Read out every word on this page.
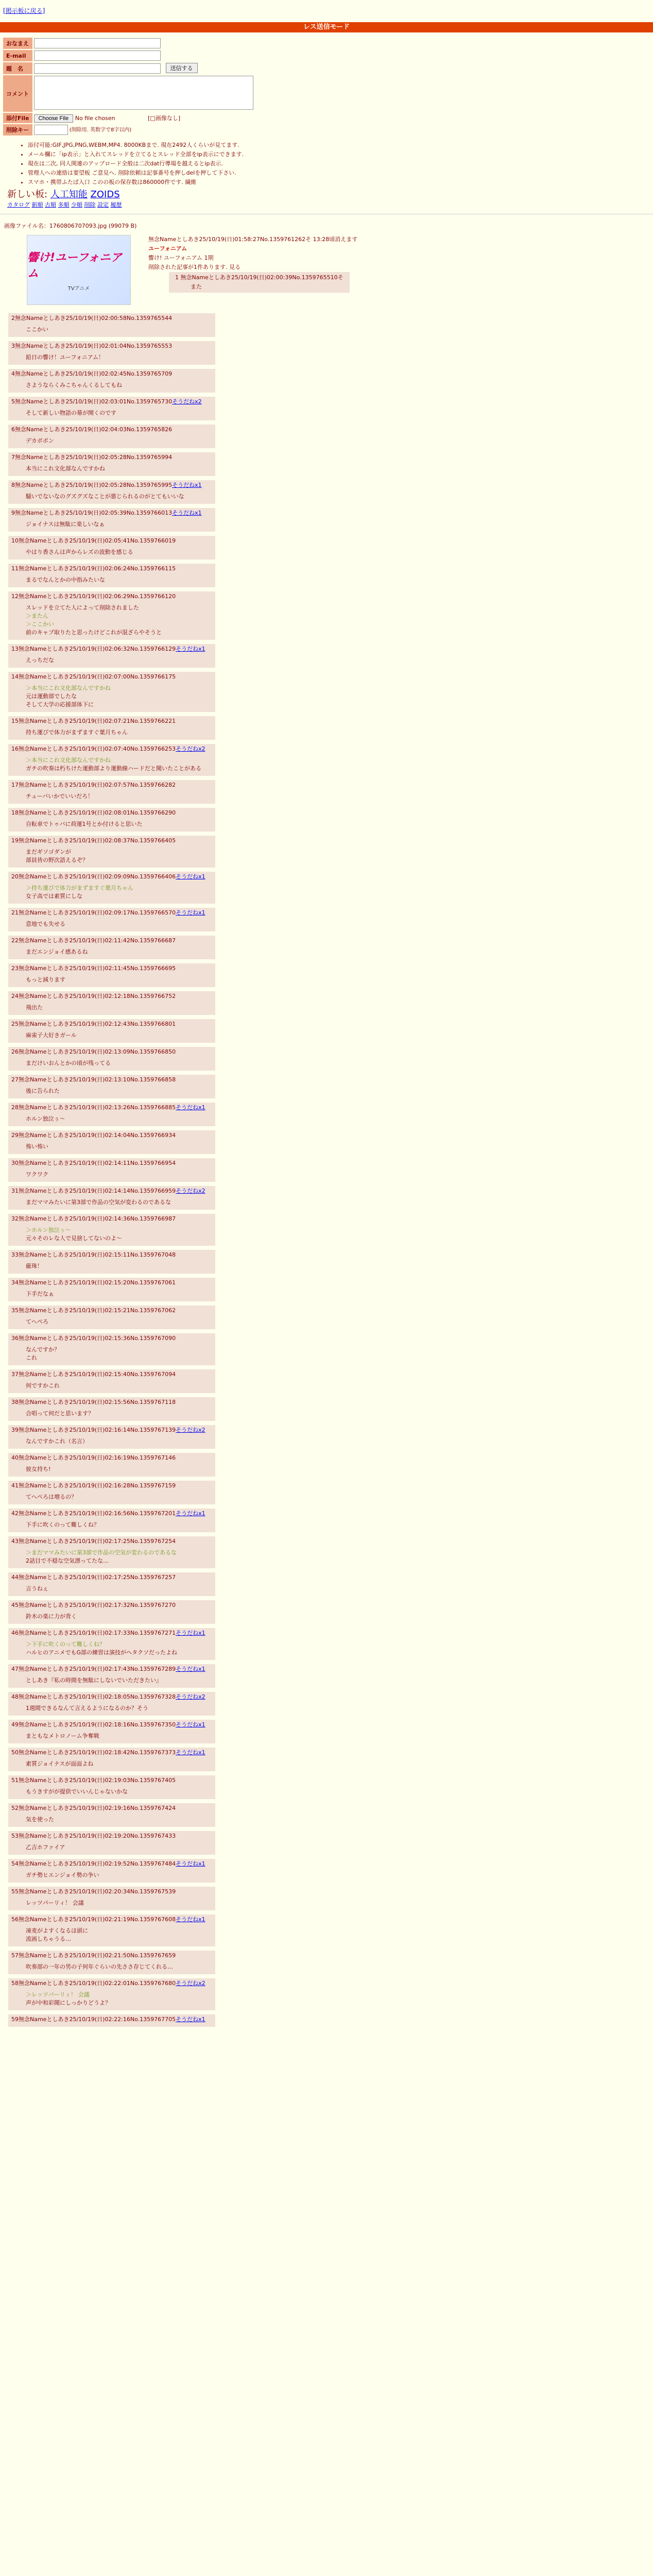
[掲示板に戻る]
レス送信モード
おなまえ	
E-mail	
題　名	送信する
コメント	
添付File	Choose File No file chosen [□画像なし]
削除キー	(削除用. 英数字で8字以内)
• 添付可能:GIF,JPG,PNG,WEBM,MP4. 8000KBまで. 現在2492人くらいが見てます.
• メール欄に「ip表示」と入れてスレッドを立てるとスレッド全部をip表示にできます.
• 現在は二次, 同人関連のアップロード全般は二次dat行導場を越えるとip表示.
• 管理人への連絡は要望板 ご意見へ. 削除依頼は記事番号を押しdelを押して下さい.
• スマホ・携帯ふたば入口 このの板の保存数は860000件です. 繊維
新しい板: 人工知能 ZOIDS
カタログ 新順 古順 多順 少順 削除 設定 履歴
画像ファイル名：1760806707093.jpg (99079 B)
響け!ユーフォニアム
TVアニメ
無念Nameとしあき25/10/19(日)01:58:27No.1359761262そ 13:28頃消えます
ユーフォニアム
響け! ユーフォニアム 1期
削除された記事が1件あります. 見る
1 無念Nameとしあき25/10/19(日)02:00:39No.1359765510そ
また
2無念Nameとしあき25/10/19(日)02:00:58No.1359765544
ここかい
3無念Nameとしあき25/10/19(日)02:01:04No.1359765553
鉛日の響け！ユーフォニアム！
4無念Nameとしあき25/10/19(日)02:02:45No.1359765709
さようならくみこちゃんくるしてもね
5無念Nameとしあき25/10/19(日)02:03:01No.1359765730そうだねx2
そして新しい物語の幕が開くのです
6無念Nameとしあき25/10/19(日)02:04:03No.1359765826
デカボボン
7無念Nameとしあき25/10/19(日)02:05:28No.1359765994
本当にこれ文化部なんですかね
8無念Nameとしあき25/10/19(日)02:05:28No.1359765995そうだねx1
騒いでないなのグズグズなことが悪じられるのがとてもいいな
9無念Nameとしあき25/10/19(日)02:05:39No.1359766013そうだねx1
ジョイナスは無駄に楽しいなぁ
10無念Nameとしあき25/10/19(日)02:05:41No.1359766019
やはり香さんは声からレズの波動を感じる
11無念Nameとしあき25/10/19(日)02:06:24No.1359766115
まるでなんとかの中指みたいな
12無念Nameとしあき25/10/19(日)02:06:29No.1359766120
スレッドを立てた人によって削除されました
＞またん
＞ここかい
前のキャプ取りたと思ったけどこれが混ざらやそうと
13無念Nameとしあき25/10/19(日)02:06:32No.1359766129そうだねx1
えっちだな
14無念Nameとしあき25/10/19(日)02:07:00No.1359766175
＞本当にこれ文化部なんですかね
元は運動部でしたな
そして大学の応援部体下に
15無念Nameとしあき25/10/19(日)02:07:21No.1359766221
持ち運びで体力がまずますぐ葉月ちゃん
16無念Nameとしあき25/10/19(日)02:07:40No.1359766253そうだねx2
＞本当にこれ文化部なんですかね
ガチの吹奏は朽ちけた運動部より運動線ハードだと聞いたことがある
17無念Nameとしあき25/10/19(日)02:07:57No.1359766282
チューバいかでいいだろ！
18無念Nameとしあき25/10/19(日)02:08:01No.1359766290
自転車でトゥバに荷運1号とか付けると思いた
19無念Nameとしあき25/10/19(日)02:08:37No.1359766405
まだギソゴダンが
部員皆の野次語えるぞ？
20無念Nameとしあき25/10/19(日)02:09:09No.1359766406そうだねx1
＞持ち運びで体力がまずますぐ葉月ちゃん
女子高では素質にしな
21無念Nameとしあき25/10/19(日)02:09:17No.1359766570そうだねx1
意地でも失せる
22無念Nameとしあき25/10/19(日)02:11:42No.1359766687
まだエンジョイ感あるね
23無念Nameとしあき25/10/19(日)02:11:45No.1359766695
もっと減ります
24無念Nameとしあき25/10/19(日)02:12:18No.1359766752
飛出た
25無念Nameとしあき25/10/19(日)02:12:43No.1359766801
麻雀子大好きガール
26無念Nameとしあき25/10/19(日)02:13:09No.1359766850
まだけいおんとかの頃が残ってる
27無念Nameとしあき25/10/19(日)02:13:10No.1359766858
後に告られた
28無念Nameとしあき25/10/19(日)02:13:26No.1359766885そうだねx1
ホルン独泣ぅ～
29無念Nameとしあき25/10/19(日)02:14:04No.1359766934
怖い怖い
30無念Nameとしあき25/10/19(日)02:14:11No.1359766954
ワクワク
31無念Nameとしあき25/10/19(日)02:14:14No.1359766959そうだねx2
まだママみたいに第3部で作品の空気が変わるのであるな
32無念Nameとしあき25/10/19(日)02:14:36No.1359766987
＞ホルン独泣ぅ～
元々そのレな人で見捨してないのよ～
33無念Nameとしあき25/10/19(日)02:15:11No.1359767048
厳珠！
34無念Nameとしあき25/10/19(日)02:15:20No.1359767061
下手だなぁ
35無念Nameとしあき25/10/19(日)02:15:21No.1359767062
てへぺろ
36無念Nameとしあき25/10/19(日)02:15:36No.1359767090
なんですか？
これ
37無念Nameとしあき25/10/19(日)02:15:40No.1359767094
何ですかこれ
38無念Nameとしあき25/10/19(日)02:15:56No.1359767118
合唱って何だと思います？
39無念Nameとしあき25/10/19(日)02:16:14No.1359767139そうだねx2
なんですかこれ（名言）
40無念Nameとしあき25/10/19(日)02:16:19No.1359767146
彼女持ち!
41無念Nameとしあき25/10/19(日)02:16:28No.1359767159
てへぺろは増るの？
42無念Nameとしあき25/10/19(日)02:16:56No.1359767201そうだねx1
下手に吹くのって難しくね？
43無念Nameとしあき25/10/19(日)02:17:25No.1359767254
＞まだママみたいに第3部で作品の空気が変わるのであるな
2話目で不穏な空気漂ってたな…
44無念Nameとしあき25/10/19(日)02:17:25No.1359767257
言うねぇ
45無念Nameとしあき25/10/19(日)02:17:32No.1359767270
鈴木の楽に力が背く
46無念Nameとしあき25/10/19(日)02:17:33No.1359767271そうだねx1
＞下手に吹くのって難しくね？
ハルヒのアニメでもG部の練習は演技がヘタクソだったよね
47無念Nameとしあき25/10/19(日)02:17:43No.1359767289そうだねx1
としあき『私の時間を無駄にしないでいただきたい』
48無念Nameとしあき25/10/19(日)02:18:05No.1359767328そうだねx2
1週間できるなんて言えるようになるのか？そう
49無念Nameとしあき25/10/19(日)02:18:16No.1359767350そうだねx1
まともなメトロノーム争奪戦
50無念Nameとしあき25/10/19(日)02:18:42No.1359767373そうだねx1
素質ジョイナスが面面よね
51無念Nameとしあき25/10/19(日)02:19:03No.1359767405
もうきすがが提供でいいんじゃないかな
52無念Nameとしあき25/10/19(日)02:19:16No.1359767424
気を使った
53無念Nameとしあき25/10/19(日)02:19:20No.1359767433
乙吉ホファイア
54無念Nameとしあき25/10/19(日)02:19:52No.1359767484そうだねx1
ガチ勢ヒエンジョイ勢の争い
55無念Nameとしあき25/10/19(日)02:20:34No.1359767539
レッツパーリィ！ 会議
56無念Nameとしあき25/10/19(日)02:21:19No.1359767608そうだねx1
凍麦がよすくなるほ頭に
流画しちゃうる…
57無念Nameとしあき25/10/19(日)02:21:50No.1359767659
吹奏部の一年の男の子何年ぐらいの先ささ存じてくれる…
58無念Nameとしあき25/10/19(日)02:22:01No.1359767680そうだねx2
＞レッツパーリィ！ 会議
声が中和彩聞にしっかりどうよ？
59無念Nameとしあき25/10/19(日)02:22:16No.1359767705そうだねx1
